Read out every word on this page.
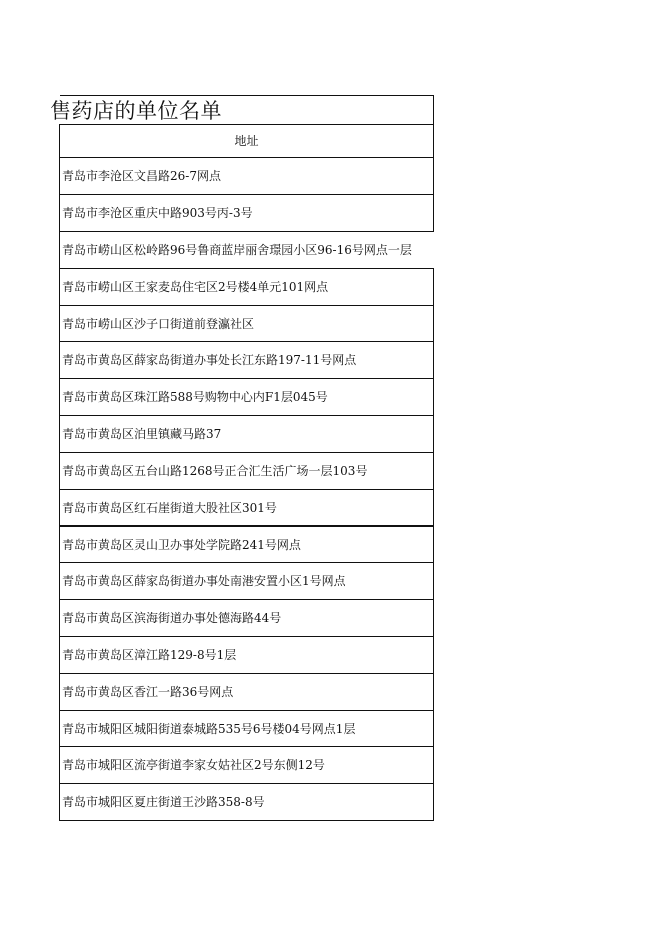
售药店的单位名单
地址
青岛市李沧区文昌路26-7网点
青岛市李沧区重庆中路903号丙-3号
青岛市崂山区松岭路96号鲁商蓝岸丽舍璟园小区96-16号网点一层
青岛市崂山区王家麦岛住宅区2号楼4单元101网点
青岛市崂山区沙子口街道前登瀛社区
青岛市黄岛区薛家岛街道办事处长江东路197-11号网点
青岛市黄岛区珠江路588号购物中心内F1层045号
青岛市黄岛区泊里镇藏马路37
青岛市黄岛区五台山路1268号正合汇生活广场一层103号
青岛市黄岛区红石崖街道大股社区301号
青岛市黄岛区灵山卫办事处学院路241号网点
青岛市黄岛区薛家岛街道办事处南港安置小区1号网点
青岛市黄岛区滨海街道办事处德海路44号
青岛市黄岛区漳江路129-8号1层
青岛市黄岛区香江一路36号网点
青岛市城阳区城阳街道泰城路535号6号楼04号网点1层
青岛市城阳区流亭街道李家女姑社区2号东侧12号
青岛市城阳区夏庄街道王沙路358-8号
